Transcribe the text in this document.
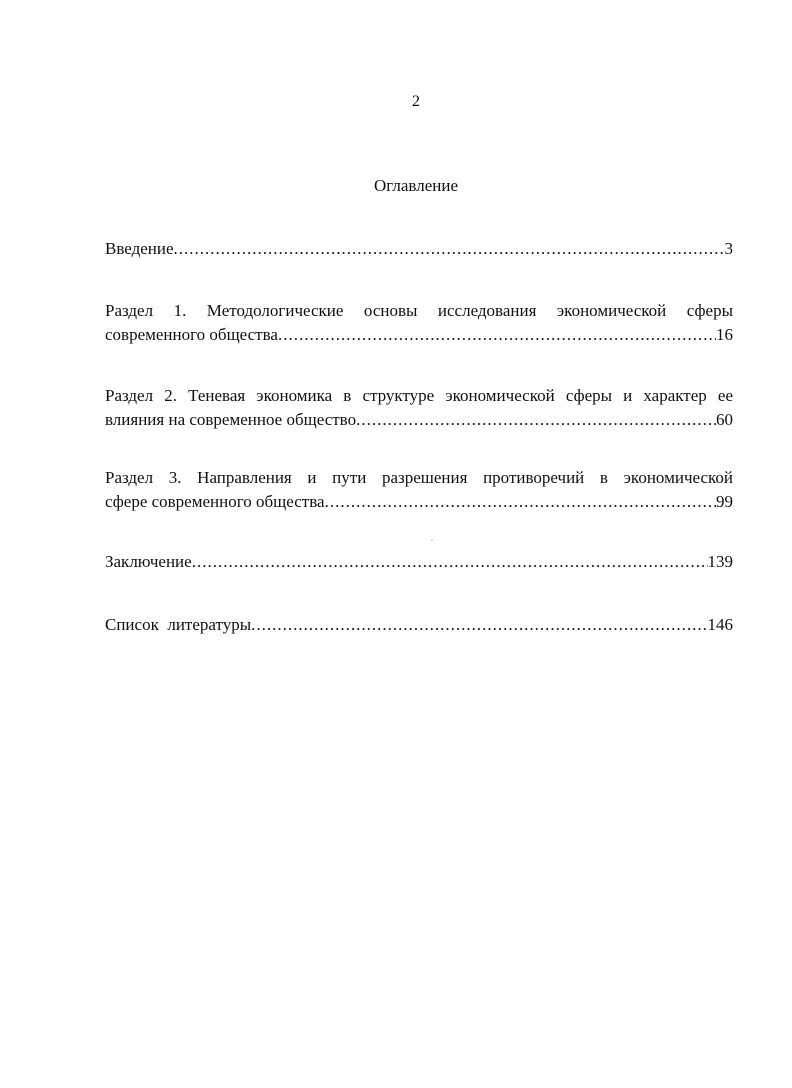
2
Оглавление
Введение .....	3
Раздел 1. Методологические основы исследования экономической сферы
современного общества .....	16
Раздел 2. Теневая экономика в структуре экономической сферы и характер ее
влияния на современное общество .....	60
Раздел 3. Направления и пути разрешения противоречий в экономической
сфере современного общества .....	99
Заключение .....	139
Список  литературы .....	146
